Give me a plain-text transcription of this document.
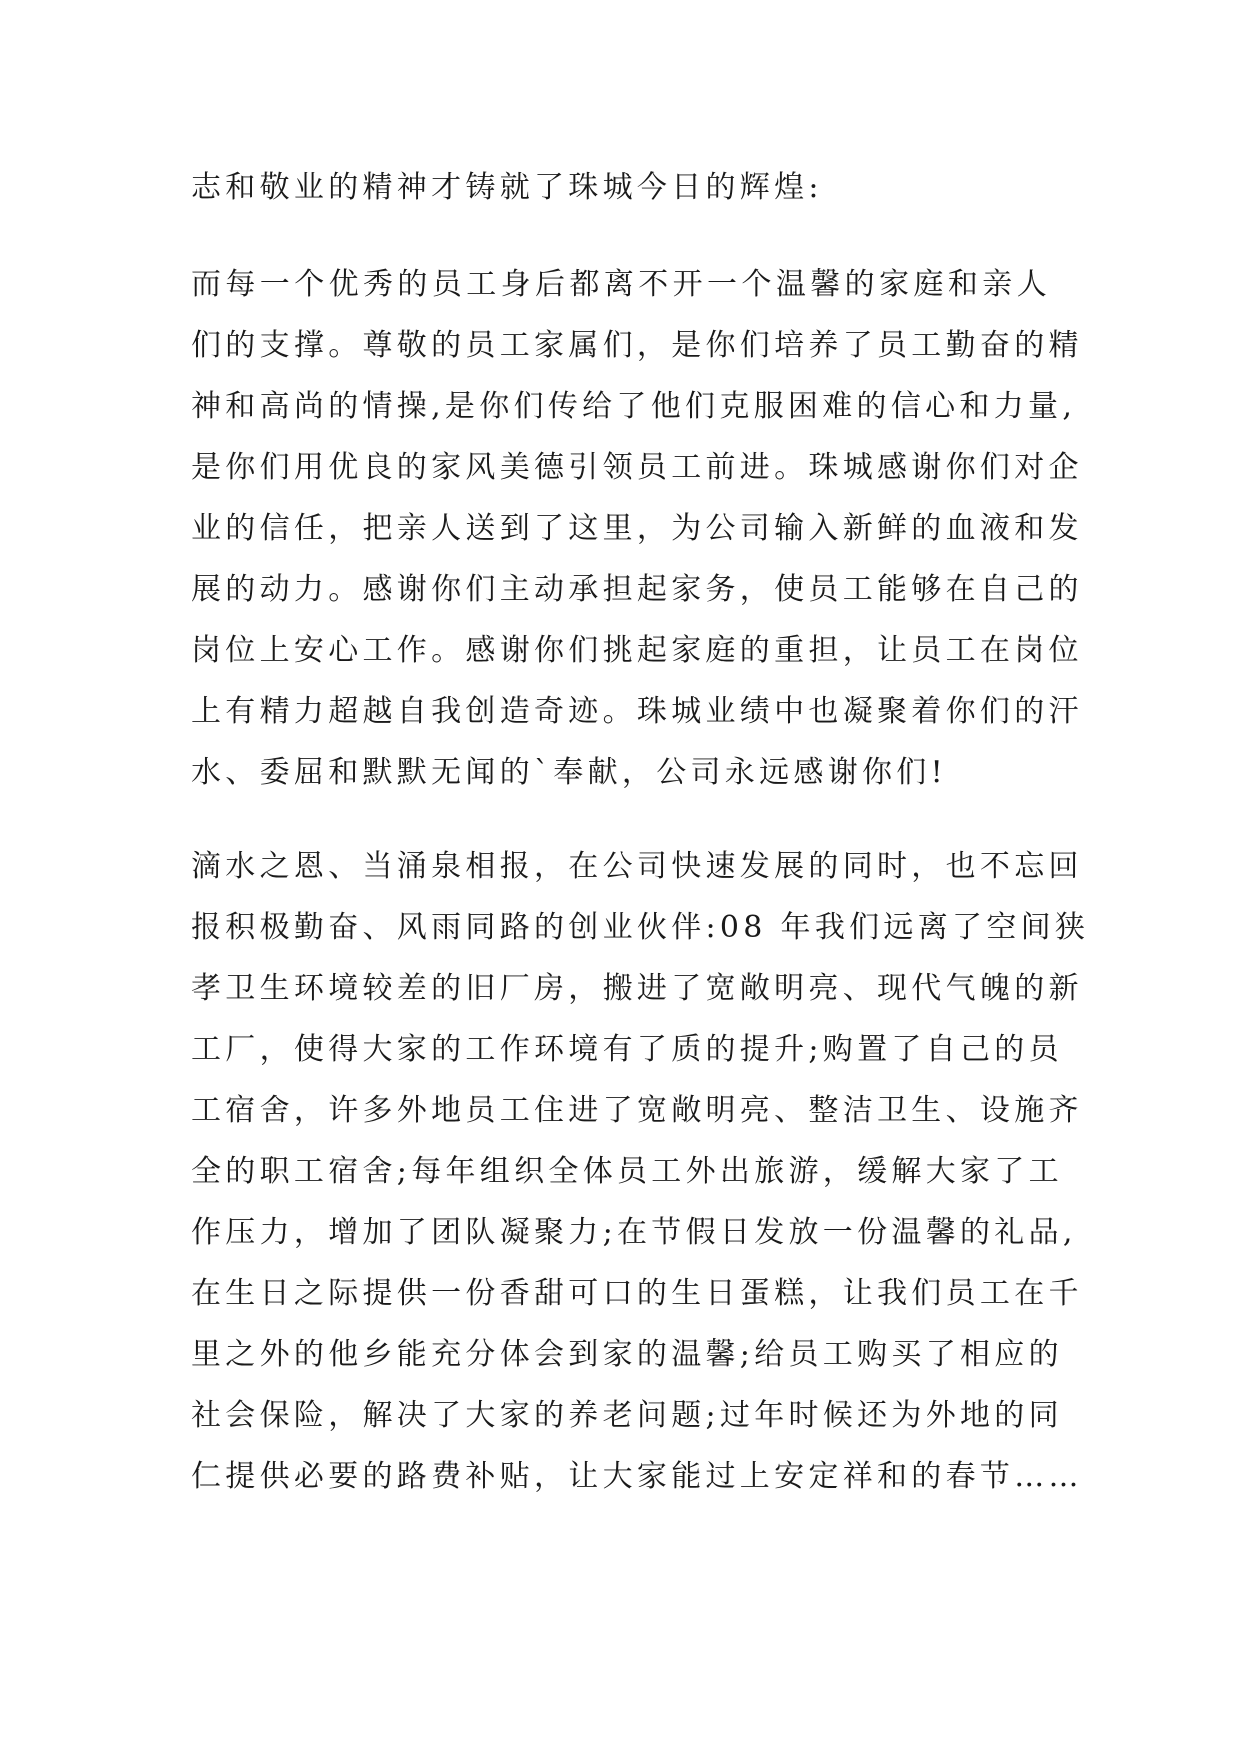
志和敬业的精神才铸就了珠城今日的辉煌:
而每一个优秀的员工身后都离不开一个温馨的家庭和亲人
们的支撑。尊敬的员工家属们，是你们培养了员工勤奋的精
神和高尚的情操,是你们传给了他们克服困难的信心和力量,
是你们用优良的家风美德引领员工前进。珠城感谢你们对企
业的信任，把亲人送到了这里，为公司输入新鲜的血液和发
展的动力。感谢你们主动承担起家务，使员工能够在自己的
岗位上安心工作。感谢你们挑起家庭的重担，让员工在岗位
上有精力超越自我创造奇迹。珠城业绩中也凝聚着你们的汗
水、委屈和默默无闻的`奉献，公司永远感谢你们!
滴水之恩、当涌泉相报，在公司快速发展的同时，也不忘回
报积极勤奋、风雨同路的创业伙伴:08 年我们远离了空间狭
孝卫生环境较差的旧厂房，搬进了宽敞明亮、现代气魄的新
工厂，使得大家的工作环境有了质的提升;购置了自己的员
工宿舍，许多外地员工住进了宽敞明亮、整洁卫生、设施齐
全的职工宿舍;每年组织全体员工外出旅游，缓解大家了工
作压力，增加了团队凝聚力;在节假日发放一份温馨的礼品,
在生日之际提供一份香甜可口的生日蛋糕，让我们员工在千
里之外的他乡能充分体会到家的温馨;给员工购买了相应的
社会保险，解决了大家的养老问题;过年时候还为外地的同
仁提供必要的路费补贴，让大家能过上安定祥和的春节……
